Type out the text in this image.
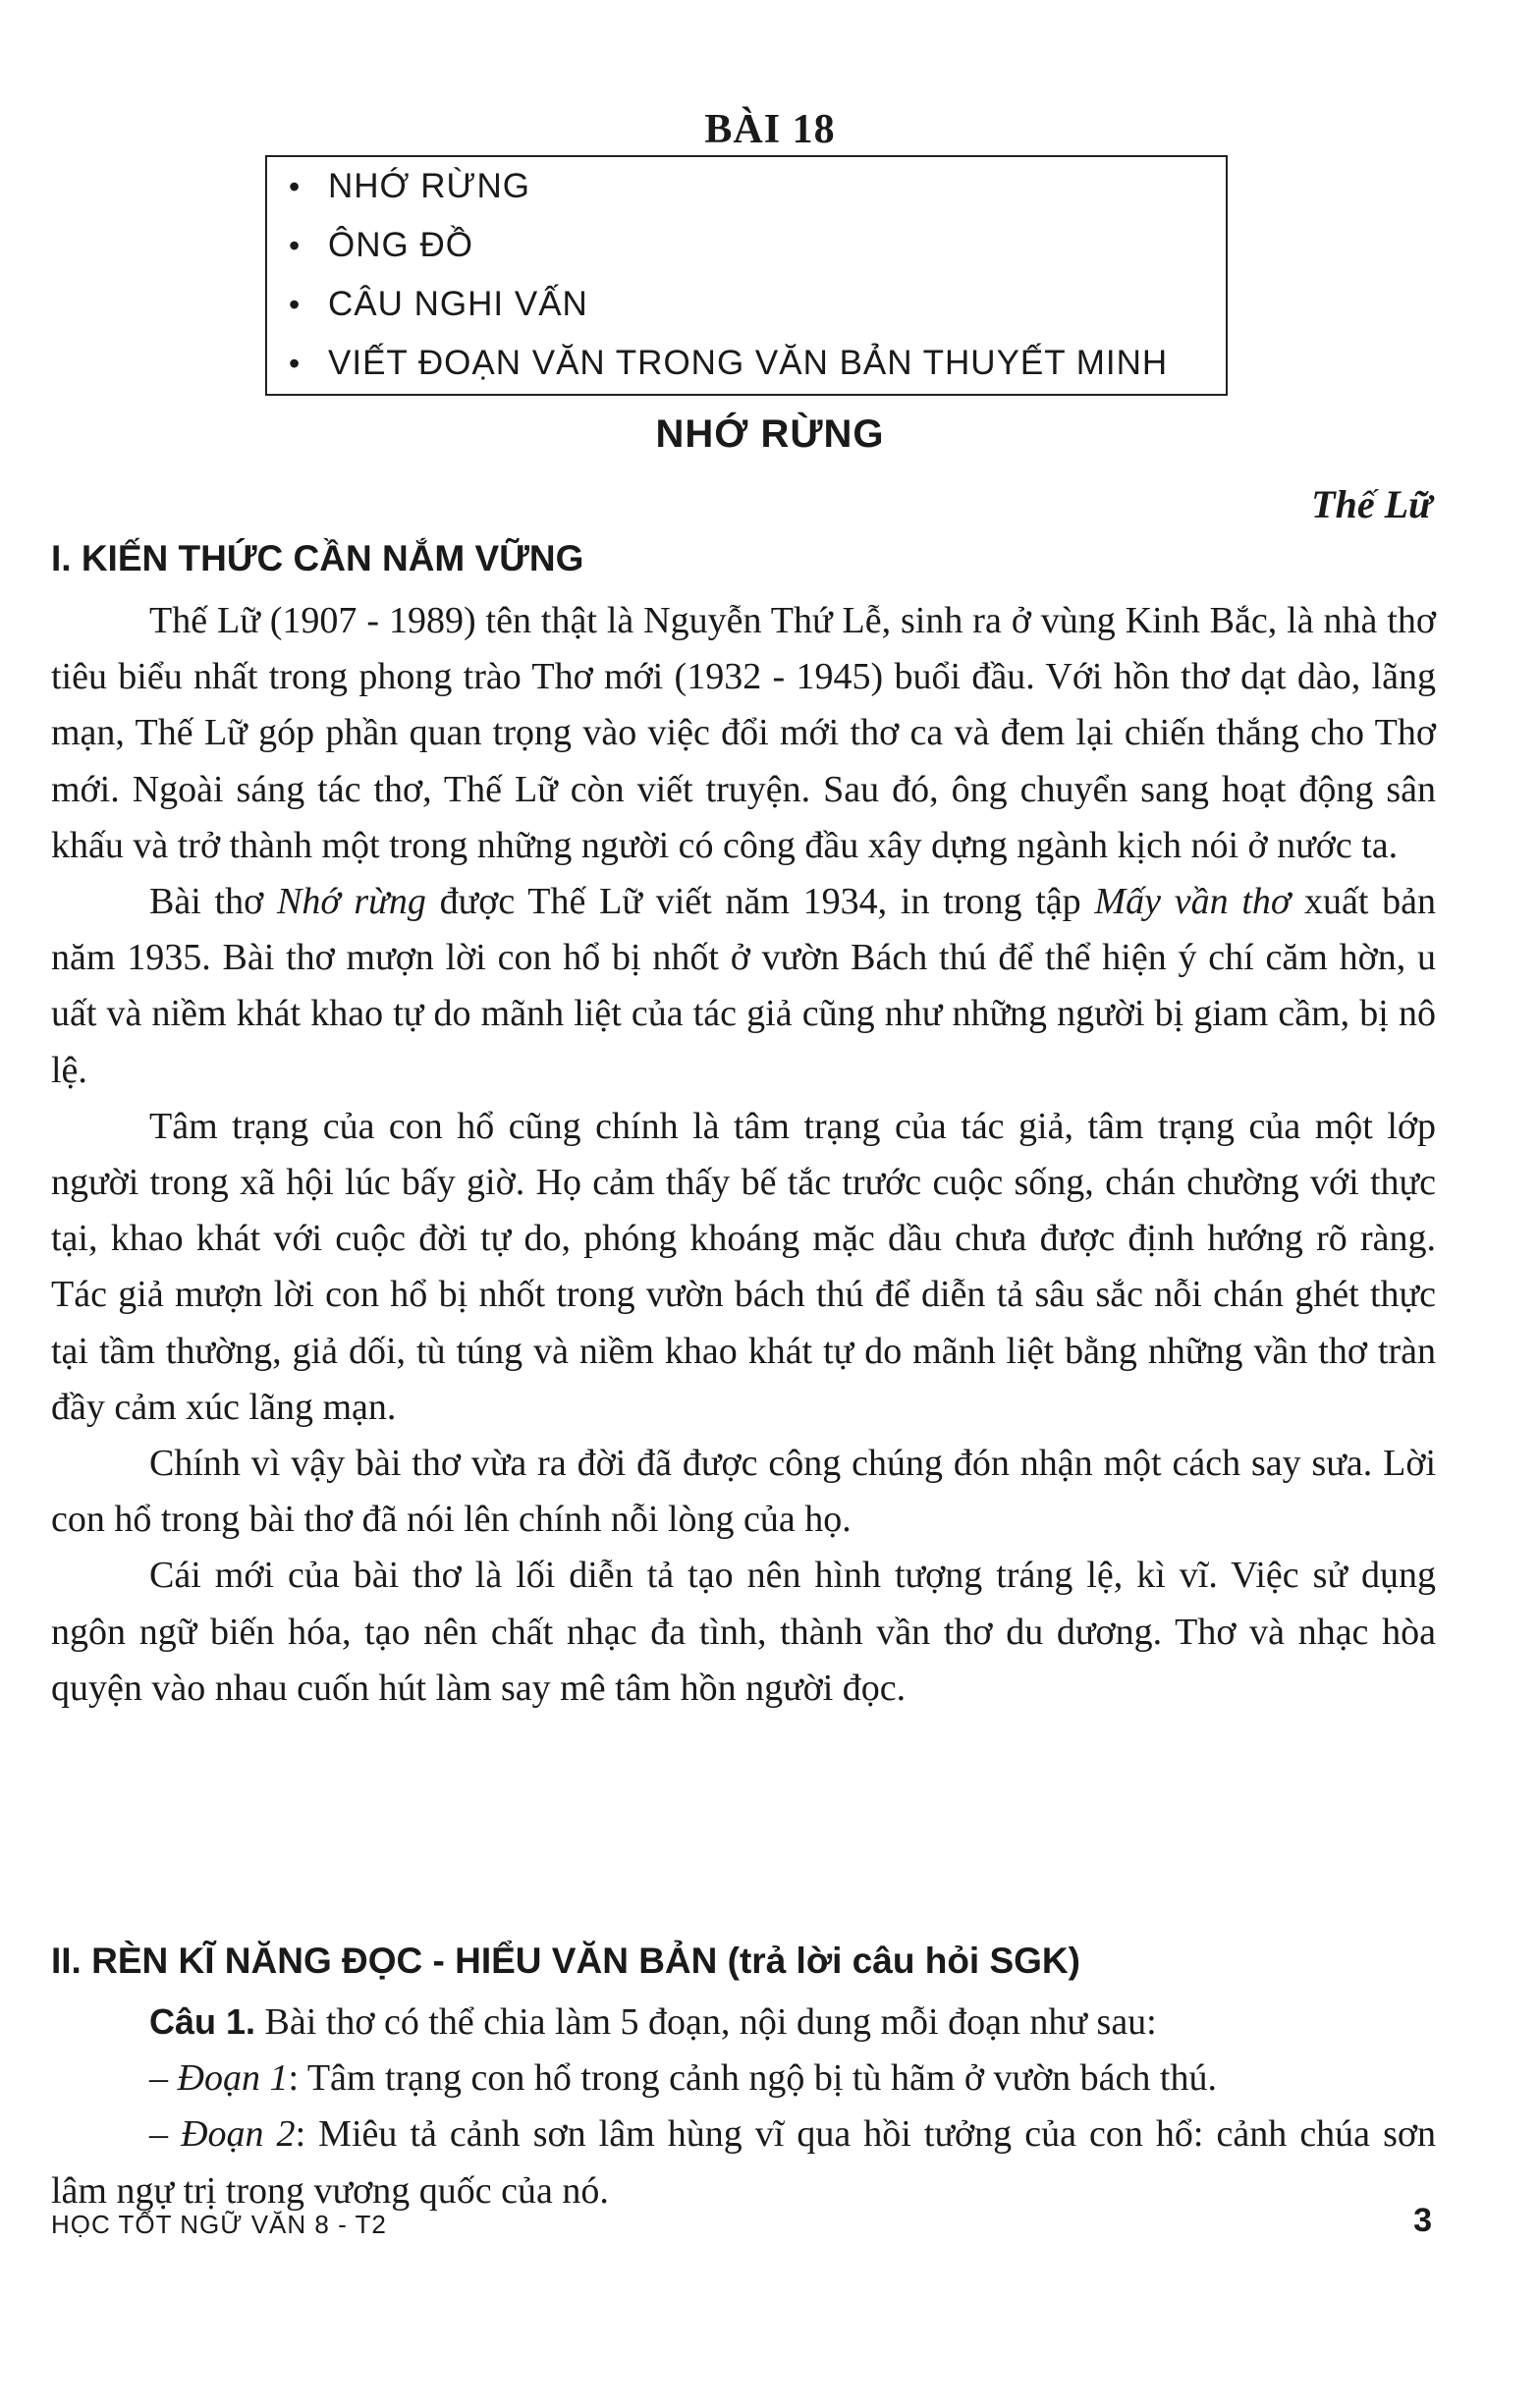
BÀI 18
• NHỚ RỪNG
• ÔNG ĐỒ
• CÂU NGHI VẤN
• VIẾT ĐOẠN VĂN TRONG VĂN BẢN THUYẾT MINH
NHỚ RỪNG
Thế Lữ
I. KIẾN THỨC CẦN NẮM VỮNG

Thế Lữ (1907 - 1989) tên thật là Nguyễn Thứ Lễ, sinh ra ở vùng Kinh Bắc, là nhà thơ tiêu biểu nhất trong phong trào Thơ mới (1932 - 1945) buổi đầu. Với hồn thơ dạt dào, lãng mạn, Thế Lữ góp phần quan trọng vào việc đổi mới thơ ca và đem lại chiến thắng cho Thơ mới. Ngoài sáng tác thơ, Thế Lữ còn viết truyện. Sau đó, ông chuyển sang hoạt động sân khấu và trở thành một trong những người có công đầu xây dựng ngành kịch nói ở nước ta.

Bài thơ Nhớ rừng được Thế Lữ viết năm 1934, in trong tập Mấy vần thơ xuất bản năm 1935. Bài thơ mượn lời con hổ bị nhốt ở vườn Bách thú để thể hiện ý chí căm hờn, u uất và niềm khát khao tự do mãnh liệt của tác giả cũng như những người bị giam cầm, bị nô lệ.

Tâm trạng của con hổ cũng chính là tâm trạng của tác giả, tâm trạng của một lớp người trong xã hội lúc bấy giờ. Họ cảm thấy bế tắc trước cuộc sống, chán chường với thực tại, khao khát với cuộc đời tự do, phóng khoáng mặc dầu chưa được định hướng rõ ràng. Tác giả mượn lời con hổ bị nhốt trong vườn bách thú để diễn tả sâu sắc nỗi chán ghét thực tại tầm thường, giả dối, tù túng và niềm khao khát tự do mãnh liệt bằng những vần thơ tràn đầy cảm xúc lãng mạn.

Chính vì vậy bài thơ vừa ra đời đã được công chúng đón nhận một cách say sưa. Lời con hổ trong bài thơ đã nói lên chính nỗi lòng của họ.

Cái mới của bài thơ là lối diễn tả tạo nên hình tượng tráng lệ, kì vĩ. Việc sử dụng ngôn ngữ biến hóa, tạo nên chất nhạc đa tình, thành vần thơ du dương. Thơ và nhạc hòa quyện vào nhau cuốn hút làm say mê tâm hồn người đọc.

II. RÈN KĨ NĂNG ĐỌC - HIỂU VĂN BẢN (trả lời câu hỏi SGK)

Câu 1. Bài thơ có thể chia làm 5 đoạn, nội dung mỗi đoạn như sau:

– Đoạn 1: Tâm trạng con hổ trong cảnh ngộ bị tù hãm ở vườn bách thú.

– Đoạn 2: Miêu tả cảnh sơn lâm hùng vĩ qua hồi tưởng của con hổ: cảnh chúa sơn lâm ngự trị trong vương quốc của nó.

HỌC TỐT NGỮ VĂN 8 - T2	3
